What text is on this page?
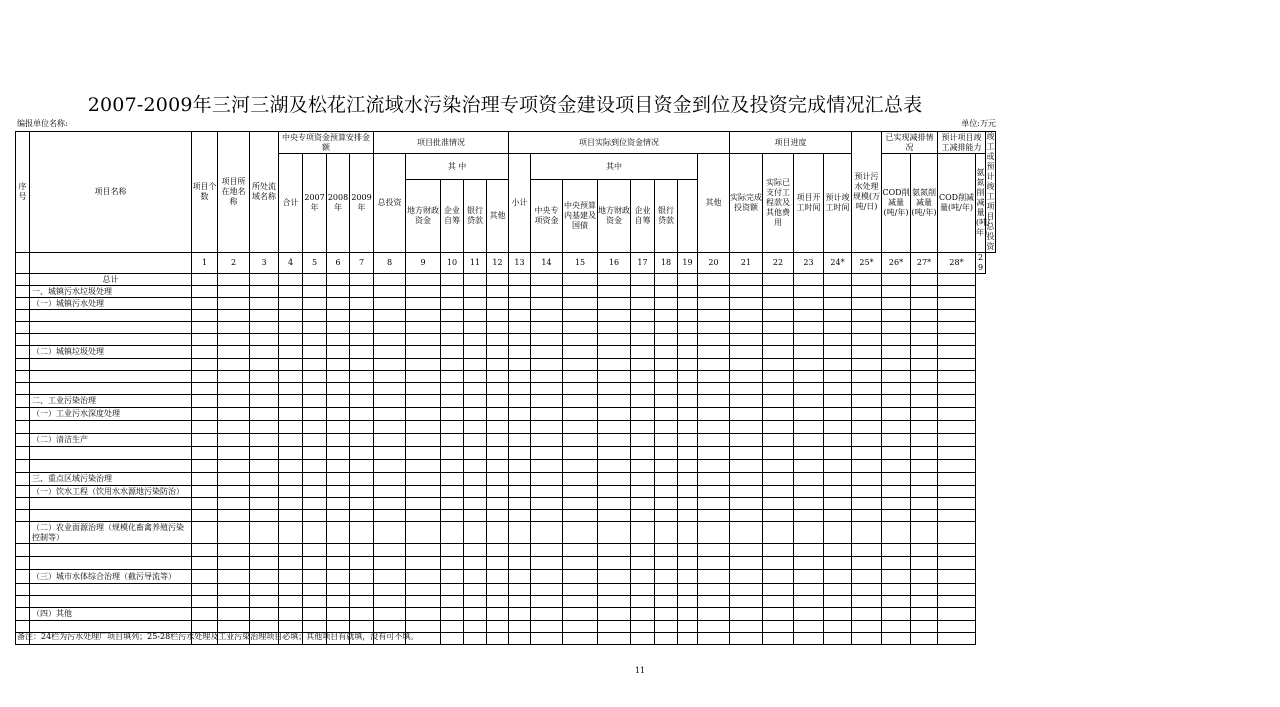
2007-2009年三河三湖及松花江流域水污染治理专项资金建设项目资金到位及投资完成情况汇总表
编报单位名称:	单位:万元
序号	项目名称	项目个数	项目所在地名称	所处流域名称	中央专项资金预算安排金额				项目批准情况					项目实际到位资金情况								项目进度				预计污水处理规模(万吨/日)	已实现减排情况		预计项目竣工减排能力		竣工或预计竣工项目总投资
					合计	2007年	2008年	2009年	总投资	其 中				小计	其中						其他	实际完成投资额	实际已支付工程款及其他费用	项目开工时间	预计竣工时间		COD削减量(吨/年)	氨氮削减量(吨/年)	COD削减量(吨/年)	氨氮削减量(吨/年)	
										地方财政资金	企业自筹	银行贷款	其他		中央专项资金	中央预算内基建及国债	地方财政资金	企业自筹	银行贷款												

		1	2	3	4	5	6	7	8	9	10	11	12	13	14	15	16	17	18	19	20	21	22	23	24*	25*	26*	27*	28*	29	
	总计																														
	一、城镇污水垃圾处理																														
	（一）城镇污水处理																														

	（二）城镇垃圾处理																														

	二、工业污染治理																														
	（一）工业污水深度处理																														

	（二）清洁生产																														

	三、重点区域污染治理																														
	（一）饮水工程（饮用水水源地污染防治）																														

	（二）农业面源治理（规模化畜禽养殖污染控制等）																														

	（三）城市水体综合治理（截污导流等）																														

	（四）其他																														

备注：24栏为污水处理厂项目填列；25-28栏污水处理及工业污染治理项目必填；其他项目有就填，没有可不填。
11
